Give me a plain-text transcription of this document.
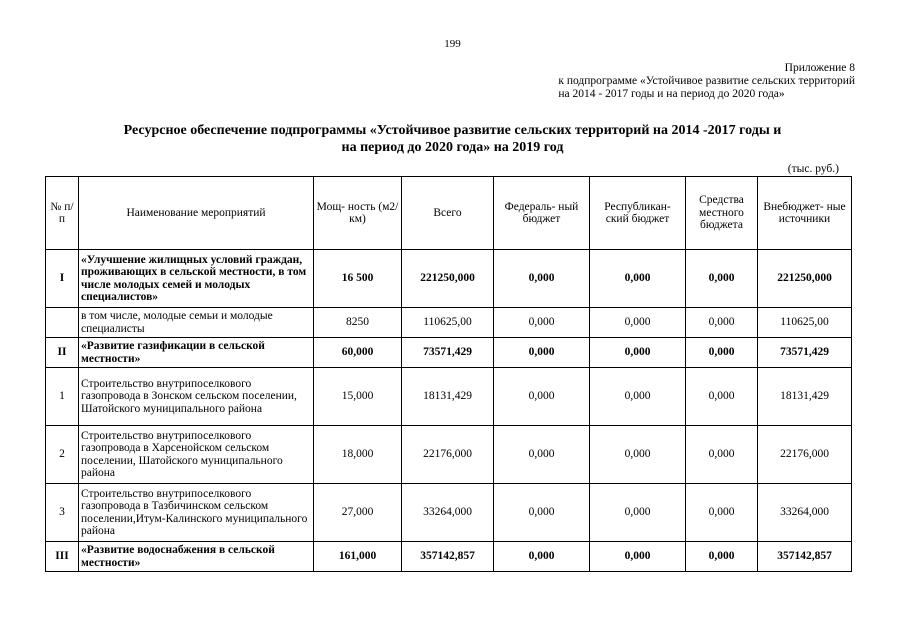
199
Приложение 8
к подпрограмме «Устойчивое развитие сельских территорий
на 2014 - 2017 годы и на период до 2020 года»
Ресурсное обеспечение подпрограммы «Устойчивое развитие сельских территорий на 2014 -2017 годы и
на период до 2020 года» на 2019 год
(тыс. руб.)
№ п/п	Наименование мероприятий	Мощ- ность (м2/км)	Всего	Федераль- ный бюджет	Республикан- ский бюджет	Средства местного бюджета	Внебюджет- ные источники
I	«Улучшение жилищных условий граждан, проживающих в сельской местности, в том числе молодых семей и молодых специалистов»	16 500	221250,000	0,000	0,000	0,000	221250,000
	в том числе, молодые семьи и молодые специалисты	8250	110625,00	0,000	0,000	0,000	110625,00
II	«Развитие газификации в сельской местности»	60,000	73571,429	0,000	0,000	0,000	73571,429
1	Строительство внутрипоселкового газопровода в Зонском сельском поселении, Шатойского муниципального района	15,000	18131,429	0,000	0,000	0,000	18131,429
2	Строительство внутрипоселкового газопровода в Харсенойском сельском поселении, Шатойского муниципального района	18,000	22176,000	0,000	0,000	0,000	22176,000
3	Строительство внутрипоселкового газопровода в Тазбичинском сельском поселении,Итум-Калинского муниципального района	27,000	33264,000	0,000	0,000	0,000	33264,000
III	«Развитие водоснабжения в сельской местности»	161,000	357142,857	0,000	0,000	0,000	357142,857
